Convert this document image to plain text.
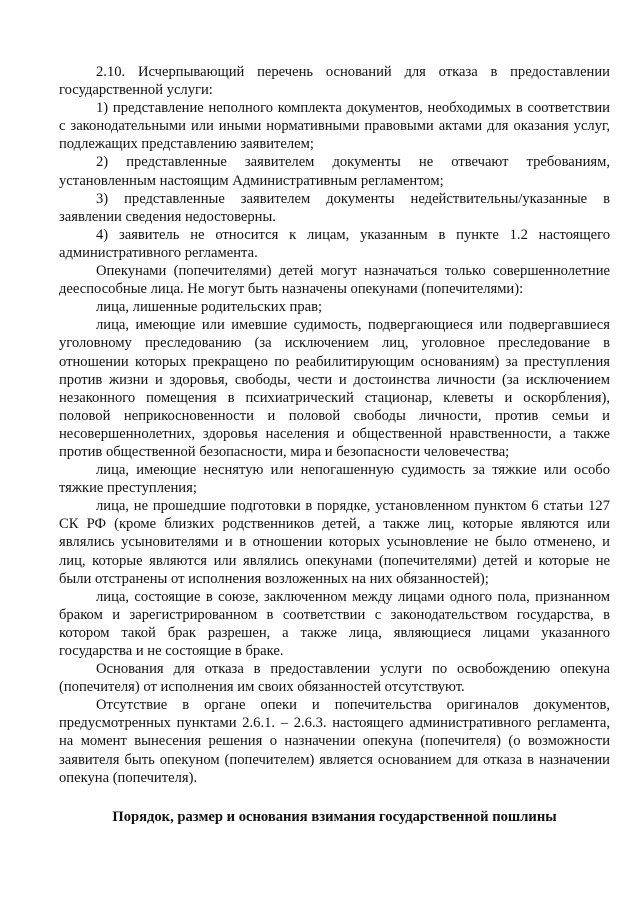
2.10. Исчерпывающий перечень оснований для отказа в предоставлении государственной услуги:

1) представление неполного комплекта документов, необходимых в соответствии с законодательными или иными нормативными правовыми актами для оказания услуг, подлежащих представлению заявителем;

2) представленные заявителем документы не отвечают требованиям, установленным настоящим Административным регламентом;

3) представленные заявителем документы недействительны/указанные в заявлении сведения недостоверны.

4) заявитель не относится к лицам, указанным в пункте 1.2 настоящего административного регламента.

Опекунами (попечителями) детей могут назначаться только совершеннолетние дееспособные лица. Не могут быть назначены опекунами (попечителями):

лица, лишенные родительских прав;

лица, имеющие или имевшие судимость, подвергающиеся или подвергавшиеся уголовному преследованию (за исключением лиц, уголовное преследование в отношении которых прекращено по реабилитирующим основаниям) за преступления против жизни и здоровья, свободы, чести и достоинства личности (за исключением незаконного помещения в психиатрический стационар, клеветы и оскорбления), половой неприкосновенности и половой свободы личности, против семьи и несовершеннолетних, здоровья населения и общественной нравственности, а также против общественной безопасности, мира и безопасности человечества;

лица, имеющие неснятую или непогашенную судимость за тяжкие или особо тяжкие преступления;

лица, не прошедшие подготовки в порядке, установленном пунктом 6 статьи 127 СК РФ (кроме близких родственников детей, а также лиц, которые являются или являлись усыновителями и в отношении которых усыновление не было отменено, и лиц, которые являются или являлись опекунами (попечителями) детей и которые не были отстранены от исполнения возложенных на них обязанностей);

лица, состоящие в союзе, заключенном между лицами одного пола, признанном браком и зарегистрированном в соответствии с законодательством государства, в котором такой брак разрешен, а также лица, являющиеся лицами указанного государства и не состоящие в браке.

Основания для отказа в предоставлении услуги по освобождению опекуна (попечителя) от исполнения им своих обязанностей отсутствуют.

Отсутствие в органе опеки и попечительства оригиналов документов, предусмотренных пунктами 2.6.1. – 2.6.3. настоящего административного регламента, на момент вынесения решения о назначении опекуна (попечителя) (о возможности заявителя быть опекуном (попечителем) является основанием для отказа в назначении опекуна (попечителя).

Порядок, размер и основания взимания государственной пошлины
